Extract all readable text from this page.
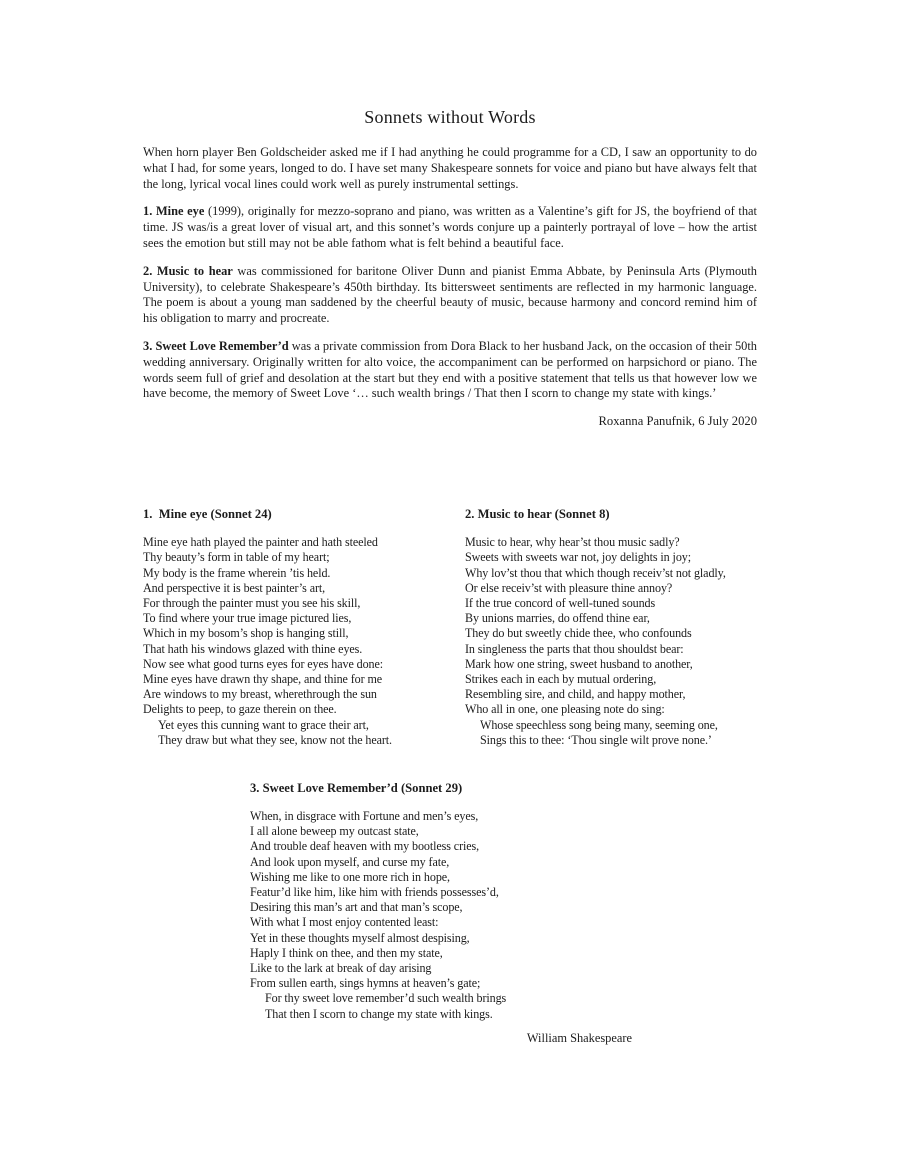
Sonnets without Words

When horn player Ben Goldscheider asked me if I had anything he could programme for a CD, I saw an opportunity to do what I had, for some years, longed to do. I have set many Shakespeare sonnets for voice and piano but have always felt that the long, lyrical vocal lines could work well as purely instrumental settings.

1. Mine eye (1999), originally for mezzo-soprano and piano, was written as a Valentine’s gift for JS, the boyfriend of that time. JS was/is a great lover of visual art, and this sonnet’s words conjure up a painterly portrayal of love – how the artist sees the emotion but still may not be able fathom what is felt behind a beautiful face.

2. Music to hear was commissioned for baritone Oliver Dunn and pianist Emma Abbate, by Peninsula Arts (Plymouth University), to celebrate Shakespeare’s 450th birthday. Its bittersweet sentiments are reflected in my harmonic language. The poem is about a young man saddened by the cheerful beauty of music, because harmony and concord remind him of his obligation to marry and procreate.

3. Sweet Love Remember’d was a private commission from Dora Black to her husband Jack, on the occasion of their 50th wedding anniversary. Originally written for alto voice, the accompaniment can be performed on harpsichord or piano. The words seem full of grief and desolation at the start but they end with a positive statement that tells us that however low we have become, the memory of Sweet Love ‘… such wealth brings / That then I scorn to change my state with kings.’

Roxanna Panufnik, 6 July 2020

1.  Mine eye (Sonnet 24)

Mine eye hath played the painter and hath steeled
Thy beauty’s form in table of my heart;
My body is the frame wherein ’tis held.
And perspective it is best painter’s art,
For through the painter must you see his skill,
To find where your true image pictured lies,
Which in my bosom’s shop is hanging still,
That hath his windows glazed with thine eyes.
Now see what good turns eyes for eyes have done:
Mine eyes have drawn thy shape, and thine for me
Are windows to my breast, wherethrough the sun
Delights to peep, to gaze therein on thee.
Yet eyes this cunning want to grace their art,
They draw but what they see, know not the heart.

2. Music to hear (Sonnet 8)

Music to hear, why hear’st thou music sadly?
Sweets with sweets war not, joy delights in joy;
Why lov’st thou that which though receiv’st not gladly,
Or else receiv’st with pleasure thine annoy?
If the true concord of well-tuned sounds
By unions marries, do offend thine ear,
They do but sweetly chide thee, who confounds
In singleness the parts that thou shouldst bear:
Mark how one string, sweet husband to another,
Strikes each in each by mutual ordering,
Resembling sire, and child, and happy mother,
Who all in one, one pleasing note do sing:
Whose speechless song being many, seeming one,
Sings this to thee: ‘Thou single wilt prove none.’

3. Sweet Love Remember’d (Sonnet 29)

When, in disgrace with Fortune and men’s eyes,
I all alone beweep my outcast state,
And trouble deaf heaven with my bootless cries,
And look upon myself, and curse my fate,
Wishing me like to one more rich in hope,
Featur’d like him, like him with friends possesses’d,
Desiring this man’s art and that man’s scope,
With what I most enjoy contented least:
Yet in these thoughts myself almost despising,
Haply I think on thee, and then my state,
Like to the lark at break of day arising
From sullen earth, sings hymns at heaven’s gate;
For thy sweet love remember’d such wealth brings
That then I scorn to change my state with kings.

William Shakespeare
